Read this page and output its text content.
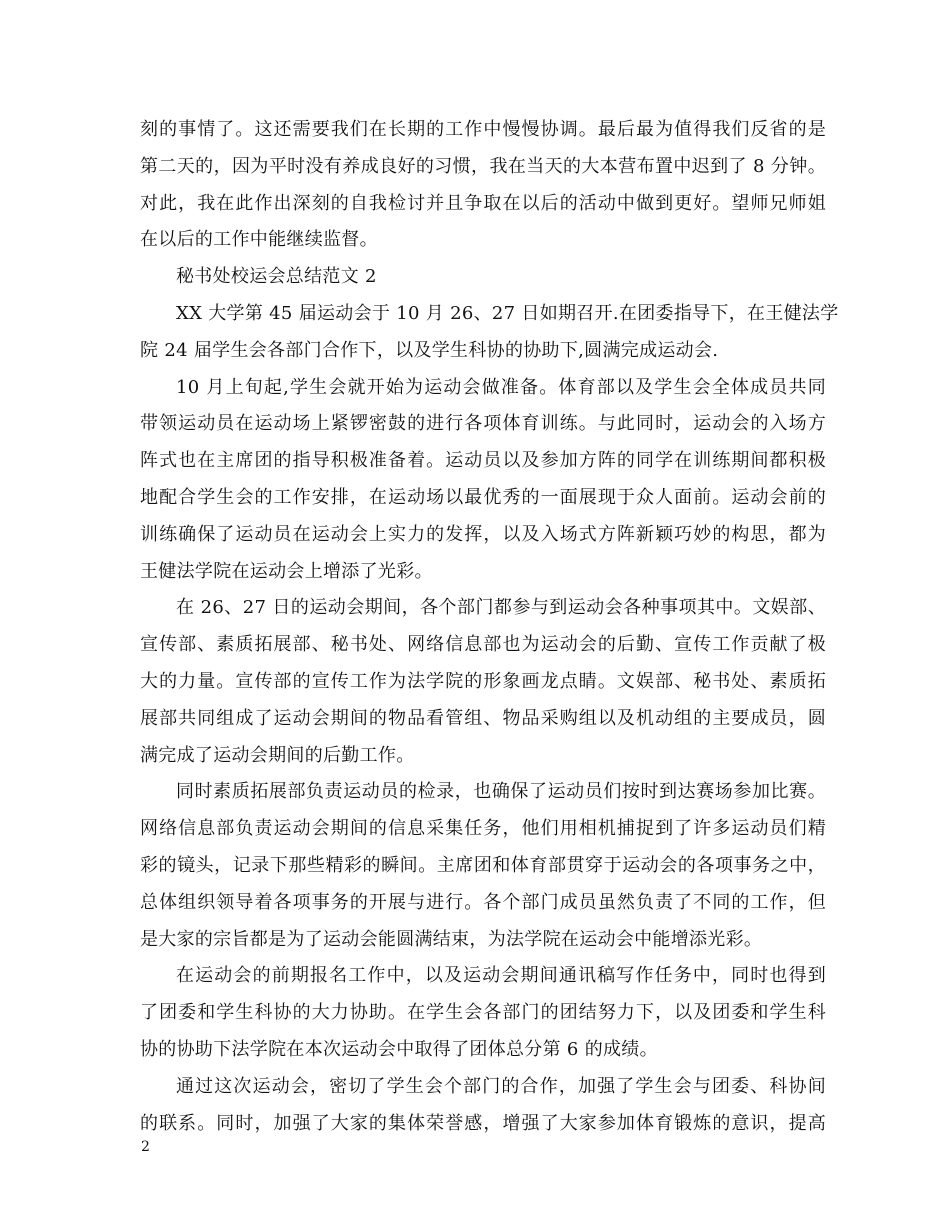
刻的事情了。这还需要我们在长期的工作中慢慢协调。最后最为值得我们反省的是
第二天的，因为平时没有养成良好的习惯，我在当天的大本营布置中迟到了 8 分钟。
对此，我在此作出深刻的自我检讨并且争取在以后的活动中做到更好。望师兄师姐
在以后的工作中能继续监督。
秘书处校运会总结范文 2
XX 大学第 45 届运动会于 10 月 26、27 日如期召开.在团委指导下，在王健法学
院 24 届学生会各部门合作下，以及学生科协的协助下,圆满完成运动会.
10 月上旬起,学生会就开始为运动会做准备。体育部以及学生会全体成员共同
带领运动员在运动场上紧锣密鼓的进行各项体育训练。与此同时，运动会的入场方
阵式也在主席团的指导积极准备着。运动员以及参加方阵的同学在训练期间都积极
地配合学生会的工作安排，在运动场以最优秀的一面展现于众人面前。运动会前的
训练确保了运动员在运动会上实力的发挥，以及入场式方阵新颖巧妙的构思，都为
王健法学院在运动会上增添了光彩。
在 26、27 日的运动会期间，各个部门都参与到运动会各种事项其中。文娱部、
宣传部、素质拓展部、秘书处、网络信息部也为运动会的后勤、宣传工作贡献了极
大的力量。宣传部的宣传工作为法学院的形象画龙点睛。文娱部、秘书处、素质拓
展部共同组成了运动会期间的物品看管组、物品采购组以及机动组的主要成员，圆
满完成了运动会期间的后勤工作。
同时素质拓展部负责运动员的检录，也确保了运动员们按时到达赛场参加比赛。
网络信息部负责运动会期间的信息采集任务，他们用相机捕捉到了许多运动员们精
彩的镜头，记录下那些精彩的瞬间。主席团和体育部贯穿于运动会的各项事务之中，
总体组织领导着各项事务的开展与进行。各个部门成员虽然负责了不同的工作，但
是大家的宗旨都是为了运动会能圆满结束，为法学院在运动会中能增添光彩。
在运动会的前期报名工作中，以及运动会期间通讯稿写作任务中，同时也得到
了团委和学生科协的大力协助。在学生会各部门的团结努力下，以及团委和学生科
协的协助下法学院在本次运动会中取得了团体总分第 6 的成绩。
通过这次运动会，密切了学生会个部门的合作，加强了学生会与团委、科协间
的联系。同时，加强了大家的集体荣誉感，增强了大家参加体育锻炼的意识，提高
2
